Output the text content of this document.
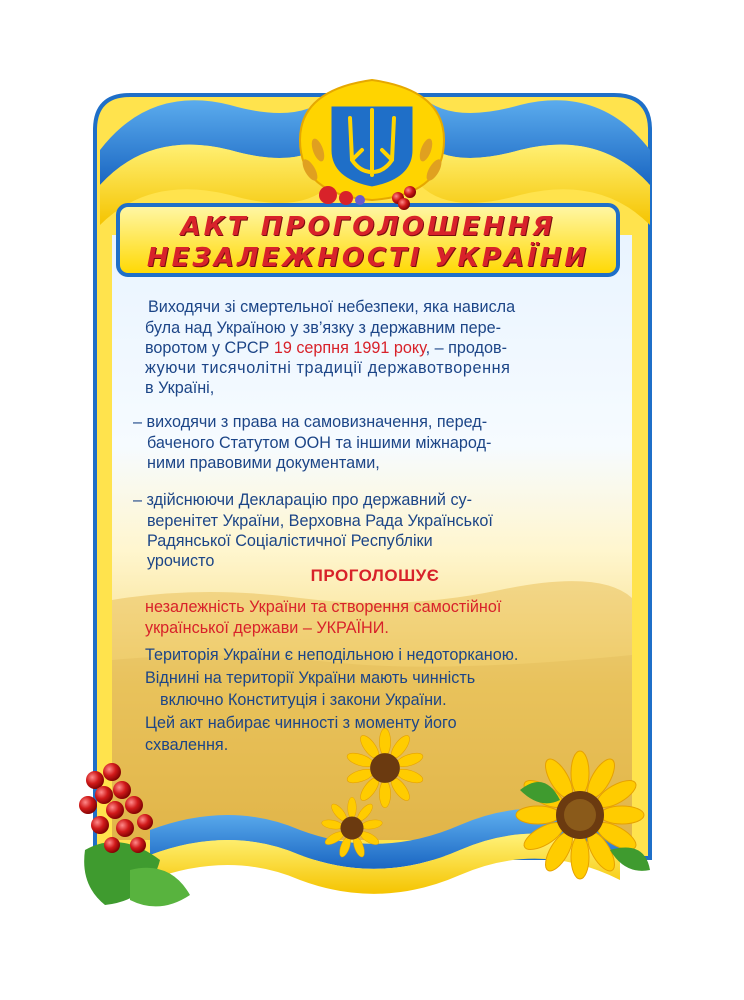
АКТ ПРОГОЛОШЕННЯ
НЕЗАЛЕЖНОСТІ УКРАЇНИ
Виходячи зі смертельної небезпеки, яка нависла
була над Україною у зв’язку з державним пере-
воротом у СРСР 19 серпня 1991 року, – продов-
жуючи тисячолітні традиції державотворення
в Україні,
– виходячи з права на самовизначення, перед-
баченого Статутом ООН та іншими міжнарод-
ними правовими документами,
– здійснюючи Декларацію про державний су-
веренітет України, Верховна Рада Української
Радянської Соціалістичної Республіки
урочисто
ПРОГОЛОШУЄ
незалежність України та створення самостійної
української держави – УКРАЇНИ.
Територія України є неподільною і недоторканою.
Віднині на території України мають чинність
включно Конституція і закони України.
Цей акт набирає чинності з моменту його
схвалення.
